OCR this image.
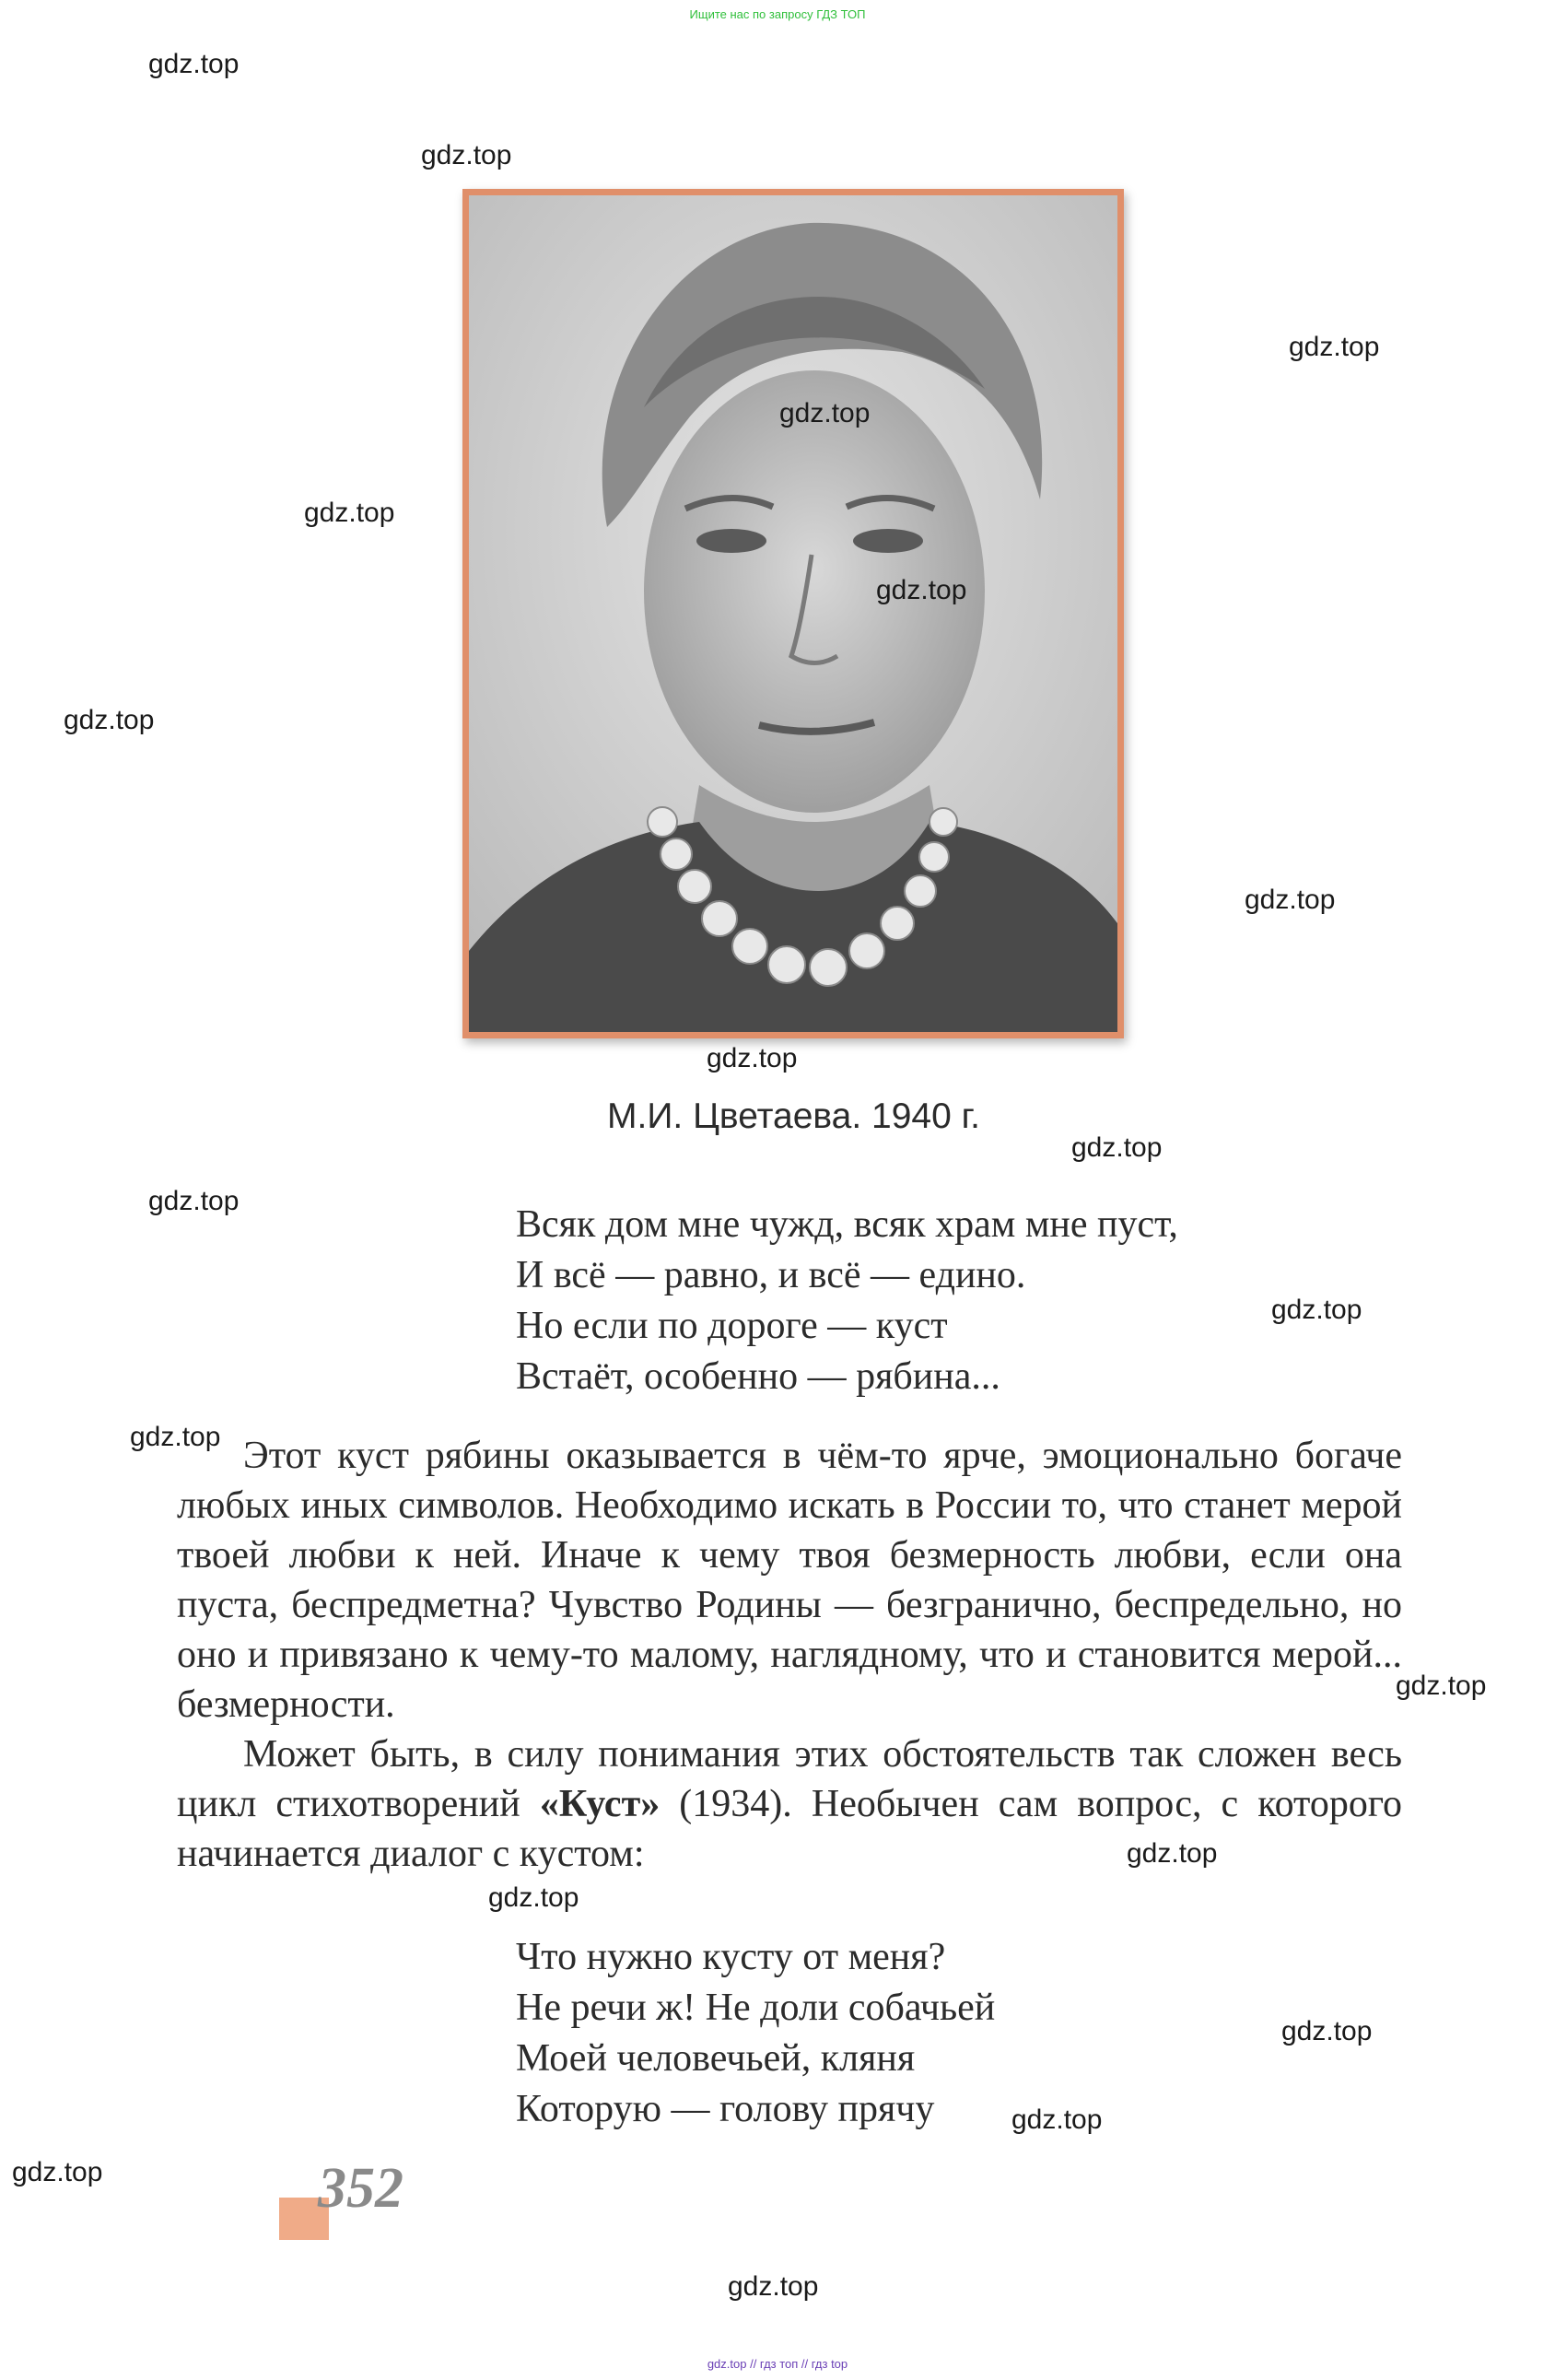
Ищите нас по запросу ГДЗ ТОП
М.И. Цветаева. 1940 г.
Всяк дом мне чужд, всяк храм мне пуст,
И всё — равно, и всё — едино.
Но если по дороге — куст
Встаёт, особенно — рябина...

Этот куст рябины оказывается в чём-то ярче, эмоционально богаче любых иных символов. Необходимо искать в России то, что станет мерой твоей любви к ней. Иначе к чему твоя безмерность любви, если она пуста, беспредметна? Чувство Родины — безгранично, беспредельно, но оно и привязано к чему-то малому, наглядному, что и становится мерой... безмерности.

Может быть, в силу понимания этих обстоятельств так сложен весь цикл стихотворений «Куст» (1934). Необычен сам вопрос, с которого начинается диалог с кустом:

Что нужно кусту от меня?
Не речи ж! Не доли собачьей
Моей человечьей, кляня
Которую — голову прячу
352
gdz.top
gdz.top
gdz.top
gdz.top
gdz.top
gdz.top
gdz.top
gdz.top
gdz.top
gdz.top
gdz.top
gdz.top
gdz.top
gdz.top
gdz.top
gdz.top
gdz.top
gdz.top
gdz.top
gdz.top
gdz.top // гдз топ // гдз top
